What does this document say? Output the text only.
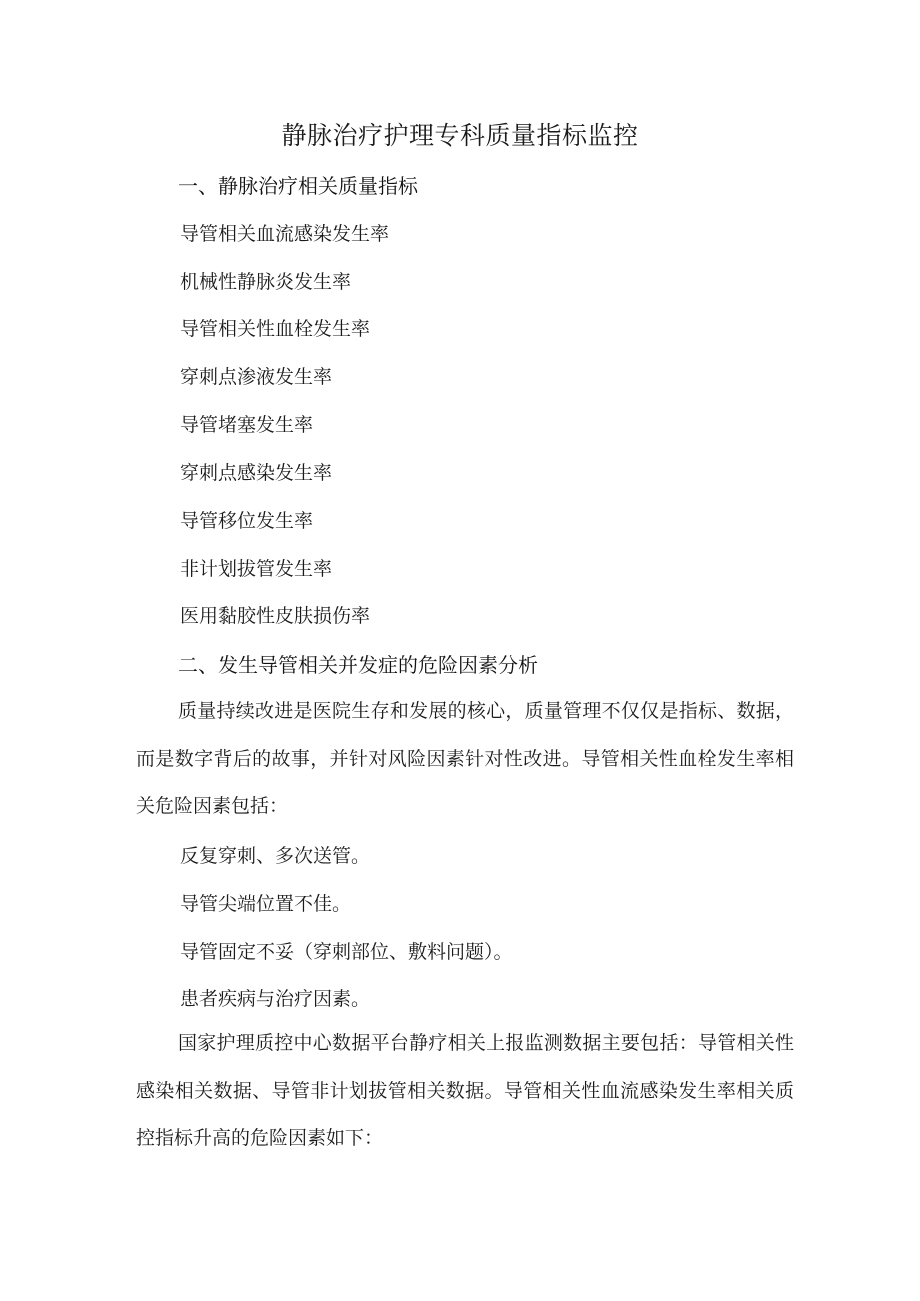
静脉治疗护理专科质量指标监控
一、静脉治疗相关质量指标
导管相关血流感染发生率
机械性静脉炎发生率
导管相关性血栓发生率
穿刺点渗液发生率
导管堵塞发生率
穿刺点感染发生率
导管移位发生率
非计划拔管发生率
医用黏胶性皮肤损伤率
二、发生导管相关并发症的危险因素分析
质量持续改进是医院生存和发展的核心，质量管理不仅仅是指标、数据，而是数字背后的故事，并针对风险因素针对性改进。导管相关性血栓发生率相关危险因素包括：
反复穿刺、多次送管。
导管尖端位置不佳。
导管固定不妥（穿刺部位、敷料问题）。
患者疾病与治疗因素。
国家护理质控中心数据平台静疗相关上报监测数据主要包括：导管相关性感染相关数据、导管非计划拔管相关数据。导管相关性血流感染发生率相关质控指标升高的危险因素如下：
